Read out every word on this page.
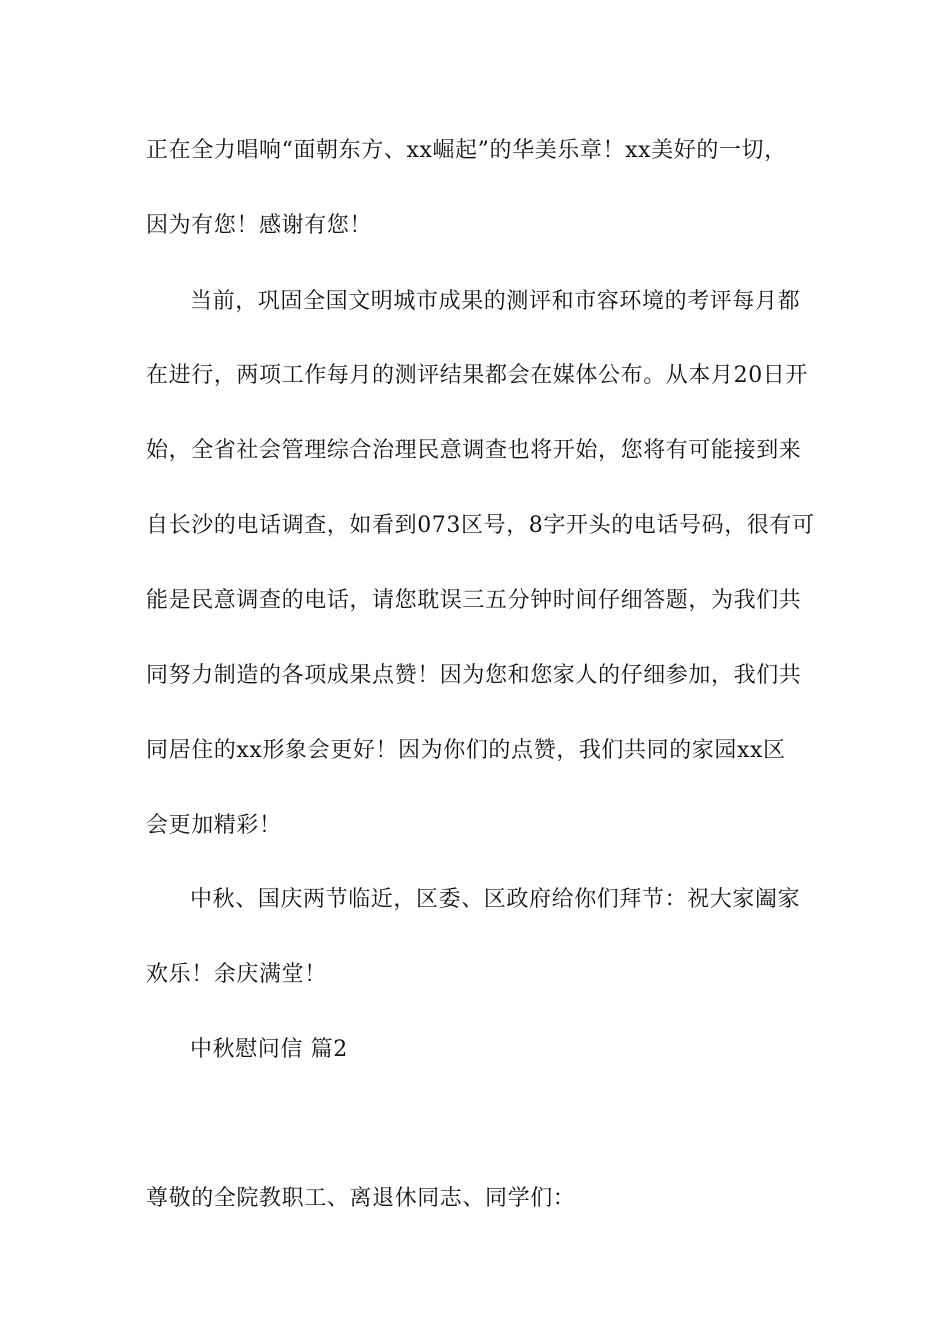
正在全力唱响“面朝东方、xx崛起”的华美乐章！xx美好的一切，
因为有您！感谢有您！
当前，巩固全国文明城市成果的测评和市容环境的考评每月都
在进行，两项工作每月的测评结果都会在媒体公布。从本月20日开
始，全省社会管理综合治理民意调查也将开始，您将有可能接到来
自长沙的电话调查，如看到073区号，8字开头的电话号码，很有可
能是民意调查的电话，请您耽误三五分钟时间仔细答题，为我们共
同努力制造的各项成果点赞！因为您和您家人的仔细参加，我们共
同居住的xx形象会更好！因为你们的点赞，我们共同的家园xx区
会更加精彩！
中秋、国庆两节临近，区委、区政府给你们拜节：祝大家阖家
欢乐！余庆满堂！
中秋慰问信 篇2
尊敬的全院教职工、离退休同志、同学们：
